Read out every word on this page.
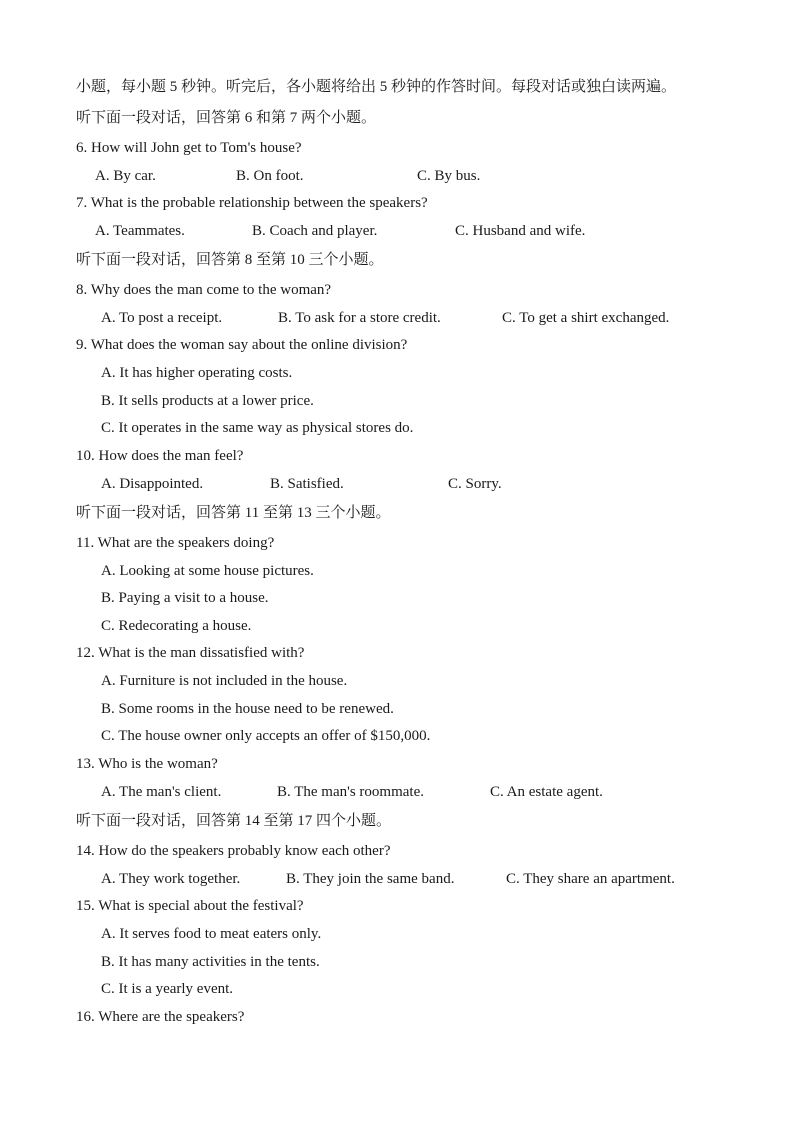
小题，每小题 5 秒钟。听完后，各小题将给出 5 秒钟的作答时间。每段对话或独白读两遍。
听下面一段对话，回答第 6 和第 7 两个小题。
6. How will John get to Tom's house?
A. By car.	B. On foot.	C. By bus.
7. What is the probable relationship between the speakers?
A. Teammates.	B. Coach and player.	C. Husband and wife.
听下面一段对话，回答第 8 至第 10 三个小题。
8. Why does the man come to the woman?
A. To post a receipt.	B. To ask for a store credit.	C. To get a shirt exchanged.
9. What does the woman say about the online division?
A. It has higher operating costs.
B. It sells products at a lower price.
C. It operates in the same way as physical stores do.
10. How does the man feel?
A. Disappointed.	B. Satisfied.	C. Sorry.
听下面一段对话，回答第 11 至第 13 三个小题。
11. What are the speakers doing?
A. Looking at some house pictures.
B. Paying a visit to a house.
C. Redecorating a house.
12. What is the man dissatisfied with?
A. Furniture is not included in the house.
B. Some rooms in the house need to be renewed.
C. The house owner only accepts an offer of $150,000.
13. Who is the woman?
A. The man's client.	B. The man's roommate.	C. An estate agent.
听下面一段对话，回答第 14 至第 17 四个小题。
14. How do the speakers probably know each other?
A. They work together.	B. They join the same band.	C. They share an apartment.
15. What is special about the festival?
A. It serves food to meat eaters only.
B. It has many activities in the tents.
C. It is a yearly event.
16. Where are the speakers?
